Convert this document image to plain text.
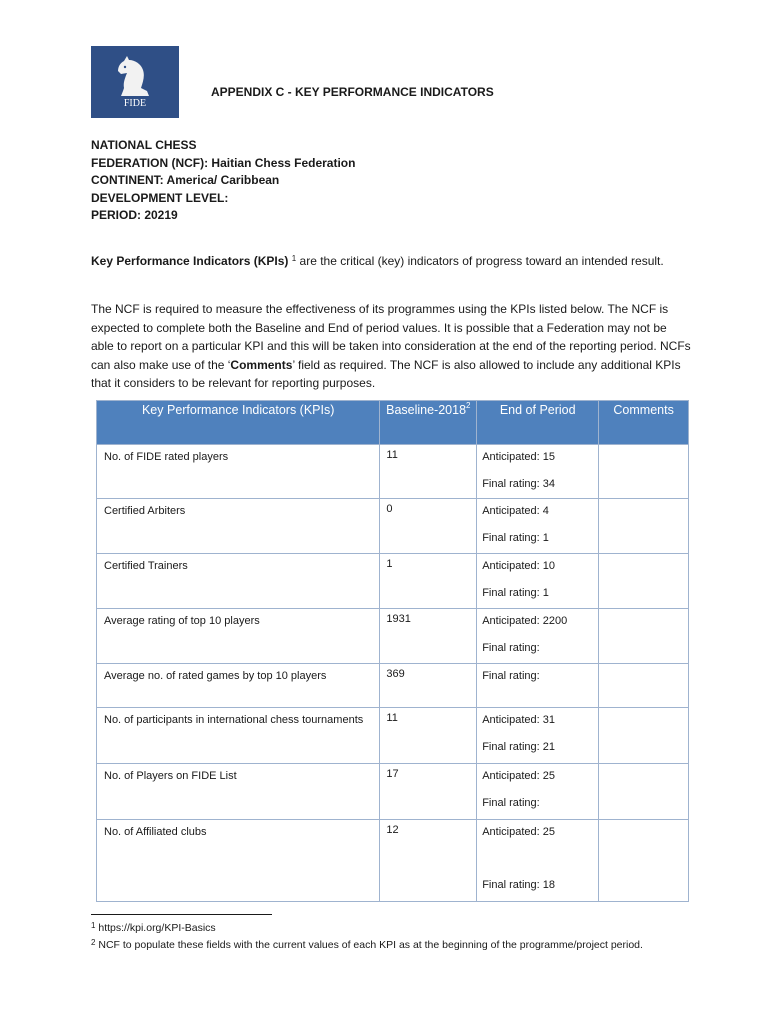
FIDE
APPENDIX C - KEY PERFORMANCE INDICATORS
NATIONAL CHESS
FEDERATION (NCF): Haitian Chess Federation
CONTINENT: America/ Caribbean
DEVELOPMENT LEVEL:
PERIOD: 20219
Key Performance Indicators (KPIs) $^1$ are the critical (key) indicators of progress toward an intended result.
The NCF is required to measure the effectiveness of its programmes using the KPIs listed below. The NCF is expected to complete both the Baseline and End of period values. It is possible that a Federation may not be able to report on a particular KPI and this will be taken into consideration at the end of the reporting period. NCFs can also make use of the ‘Comments’ field as required. The NCF is also allowed to include any additional KPIs that it considers to be relevant for reporting purposes.
Key Performance Indicators (KPIs)	Baseline-2018$^2$	End of Period	Comments
No. of FIDE rated players	11	Anticipated: 15
Final rating: 34	

Certified Arbiters	0	Anticipated: 4
Final rating: 1	

Certified Trainers	1	Anticipated: 10
Final rating: 1	

Average rating of top 10 players	1931	Anticipated: 2200
Final rating:	

Average no. of rated games by top 10 players	369	Final rating:	

No. of participants in international chess tournaments	11	Anticipated: 31
Final rating: 21	

No. of Players on FIDE List	17	Anticipated: 25
Final rating:	

No. of Affiliated clubs	12	Anticipated: 25
Final rating: 18	

$^1$ https://kpi.org/KPI-Basics
$^2$ NCF to populate these fields with the current values of each KPI as at the beginning of the programme/project period.
